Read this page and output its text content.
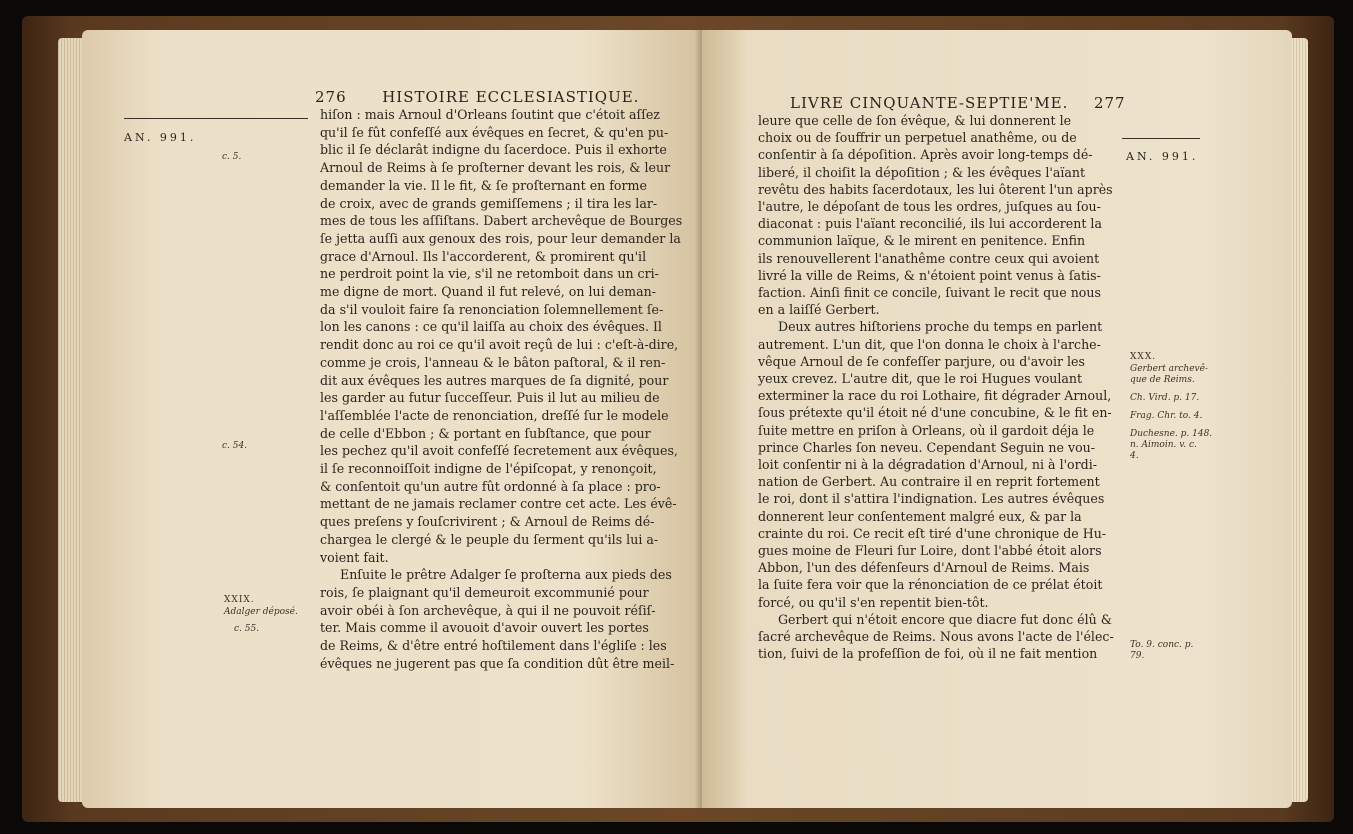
276 HISTOIRE ECCLESIASTIQUE.
AN. 991.
c. 5.
c. 54.
XXIX.
Adalger déposé.
c. 55.
hiſon : mais Arnoul d'Orleans ſoutint que c'étoit aſſez
qu'il ſe fût confeſſé aux évêques en ſecret, & qu'en pu-
blic il ſe déclarât indigne du ſacerdoce. Puis il exhorte
Arnoul de Reims à ſe proſterner devant les rois, & leur
demander la vie. Il le fit, & ſe proſternant en forme
de croix, avec de grands gemiſſemens ; il tira les lar-
mes de tous les aſſiſtans. Dabert archevêque de Bourges
ſe jetta auſſi aux genoux des rois, pour leur demander la
grace d'Arnoul. Ils l'accorderent, & promirent qu'il
ne perdroit point la vie, s'il ne retomboit dans un cri-
me digne de mort. Quand il fut relevé, on lui deman-
da s'il vouloit faire ſa renonciation ſolemnellement ſe-
lon les canons : ce qu'il laiſſa au choix des évêques. Il
rendit donc au roi ce qu'il avoit reçû de lui : c'eſt-à-dire,
comme je crois, l'anneau & le bâton paſtoral, & il ren-
dit aux évêques les autres marques de ſa dignité, pour
les garder au futur ſucceſſeur. Puis il lut au milieu de
l'aſſemblée l'acte de renonciation, dreſſé ſur le modele
de celle d'Ebbon ; & portant en ſubſtance, que pour
les pechez qu'il avoit confeſſé ſecretement aux évêques,
il ſe reconnoiſſoit indigne de l'épiſcopat, y renonçoit,
& conſentoit qu'un autre fût ordonné à ſa place : pro-
mettant de ne jamais reclamer contre cet acte. Les évê-
ques preſens y ſouſcrivirent ; & Arnoul de Reims dé-
chargea le clergé & le peuple du ſerment qu'ils lui a-
voient fait.
Enſuite le prêtre Adalger ſe proſterna aux pieds des
rois, ſe plaignant qu'il demeuroit excommunié pour
avoir obéi à ſon archevêque, à qui il ne pouvoit réſiſ-
ter. Mais comme il avouoit d'avoir ouvert les portes
de Reims, & d'être entré hoſtilement dans l'égliſe : les
évêques ne jugerent pas que ſa condition dût être meil-
LIVRE CINQUANTE-SEPTIE'ME. 277
AN. 991.
XXX.
Gerbert archevê-
que de Reims.
Ch. Vird. p. 17.
Frag. Chr. to. 4.
Duchesne. p. 148.
n. Aimoin. v. c.
4.
To. 9. conc. p.
79.
leure que celle de ſon évêque, & lui donnerent le
choix ou de ſouffrir un perpetuel anathême, ou de
conſentir à ſa dépoſition. Après avoir long-temps dé-
liberé, il choiſit la dépoſition ; & les évêques l'aïant
revêtu des habits ſacerdotaux, les lui ôterent l'un après
l'autre, le dépoſant de tous les ordres, juſques au ſou-
diaconat : puis l'aïant reconcilié, ils lui accorderent la
communion laïque, & le mirent en penitence. Enfin
ils renouvellerent l'anathême contre ceux qui avoient
livré la ville de Reims, & n'étoient point venus à ſatis-
faction. Ainſi finit ce concile, ſuivant le recit que nous
en a laiſſé Gerbert.
Deux autres hiſtoriens proche du temps en parlent
autrement. L'un dit, que l'on donna le choix à l'arche-
vêque Arnoul de ſe confeſſer parjure, ou d'avoir les
yeux crevez. L'autre dit, que le roi Hugues voulant
exterminer la race du roi Lothaire, fit dégrader Arnoul,
ſous prétexte qu'il étoit né d'une concubine, & le fit en-
ſuite mettre en priſon à Orleans, où il gardoit déja le
prince Charles ſon neveu. Cependant Seguin ne vou-
loit conſentir ni à la dégradation d'Arnoul, ni à l'ordi-
nation de Gerbert. Au contraire il en reprit fortement
le roi, dont il s'attira l'indignation. Les autres évêques
donnerent leur conſentement malgré eux, & par la
crainte du roi. Ce recit eſt tiré d'une chronique de Hu-
gues moine de Fleuri ſur Loire, dont l'abbé étoit alors
Abbon, l'un des défenſeurs d'Arnoul de Reims. Mais
la ſuite fera voir que la rénonciation de ce prélat étoit
forcé, ou qu'il s'en repentit bien-tôt.
Gerbert qui n'étoit encore que diacre fut donc élû &
ſacré archevêque de Reims. Nous avons l'acte de l'élec-
tion, ſuivi de la profeſſion de foi, où il ne fait mention
